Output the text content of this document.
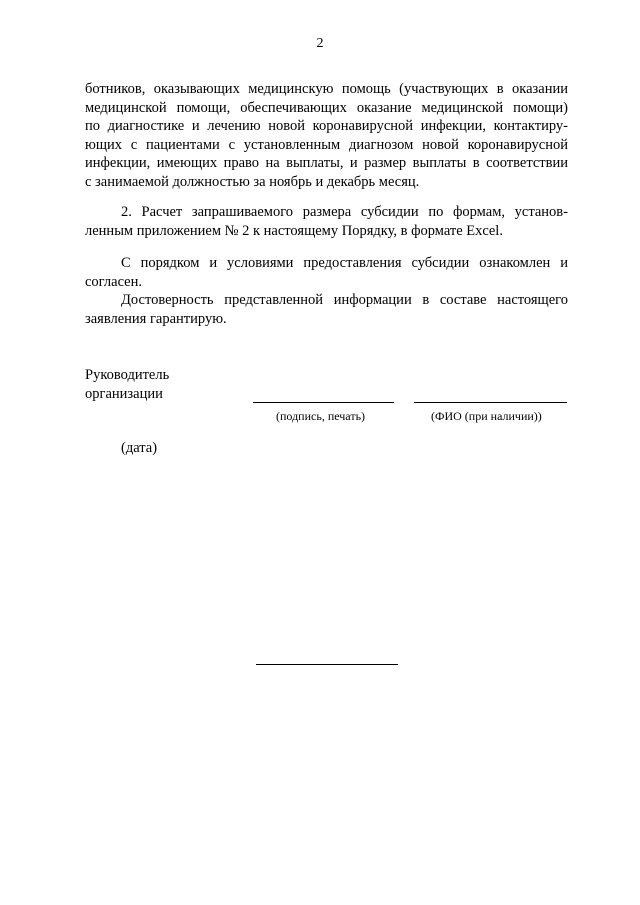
2
ботников, оказывающих медицинскую помощь (участвующих в оказании
медицинской помощи, обеспечивающих оказание медицинской помощи)
по диагностике и лечению новой коронавирусной инфекции, контактиру-
ющих с пациентами с установленным диагнозом новой коронавирусной
инфекции, имеющих право на выплаты, и размер выплаты в соответствии
с занимаемой должностью за ноябрь и декабрь месяц.
2. Расчет запрашиваемого размера субсидии по формам, установ-
ленным приложением № 2 к настоящему Порядку, в формате Excel.
С порядком и условиями предоставления субсидии ознакомлен и
согласен.
Достоверность представленной информации в составе настоящего
заявления гарантирую.
Руководитель
организации
(подпись, печать)	(ФИО (при наличии))
(дата)
